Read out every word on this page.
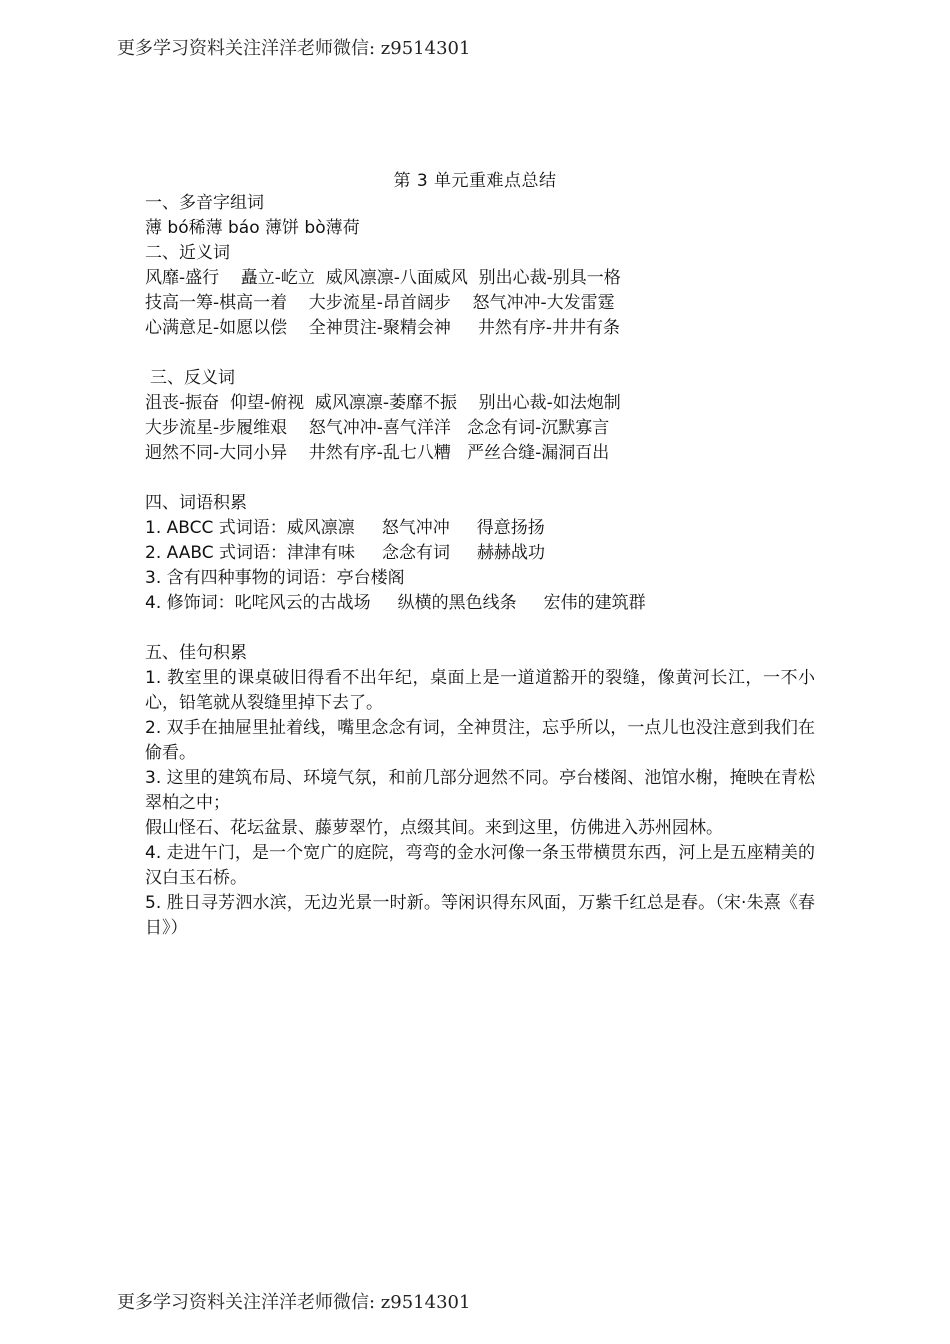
更多学习资料关注洋洋老师微信: z9514301
第 3 单元重难点总结
一、多音字组词
薄 bó稀薄 báo 薄饼 bò薄荷
二、近义词
风靡-盛行    矗立-屹立  威风凛凛-八面威风  别出心裁-别具一格
技高一筹-棋高一着    大步流星-昂首阔步    怒气冲冲-大发雷霆
心满意足-如愿以偿    全神贯注-聚精会神     井然有序-井井有条
三、反义词
沮丧-振奋  仰望-俯视  威风凛凛-萎靡不振    别出心裁-如法炮制
大步流星-步履维艰    怒气冲冲-喜气洋洋   念念有词-沉默寡言
迥然不同-大同小异    井然有序-乱七八糟   严丝合缝-漏洞百出
四、词语积累
1. ABCC 式词语：威风凛凛     怒气冲冲     得意扬扬
2. AABC 式词语：津津有味     念念有词     赫赫战功
3. 含有四种事物的词语：亭台楼阁
4. 修饰词：叱咤风云的古战场     纵横的黑色线条     宏伟的建筑群
五、佳句积累
1. 教室里的课桌破旧得看不出年纪，桌面上是一道道豁开的裂缝，像黄河长江，一不小心，铅笔就从裂缝里掉下去了。
2. 双手在抽屉里扯着线，嘴里念念有词，全神贯注，忘乎所以，一点儿也没注意到我们在偷看。
3. 这里的建筑布局、环境气氛，和前几部分迥然不同。亭台楼阁、池馆水榭，掩映在青松翠柏之中；
假山怪石、花坛盆景、藤萝翠竹，点缀其间。来到这里，仿佛进入苏州园林。
4. 走进午门，是一个宽广的庭院，弯弯的金水河像一条玉带横贯东西，河上是五座精美的汉白玉石桥。
5. 胜日寻芳泗水滨，无边光景一时新。等闲识得东风面，万紫千红总是春。（宋·朱熹《春日》）
更多学习资料关注洋洋老师微信: z9514301
